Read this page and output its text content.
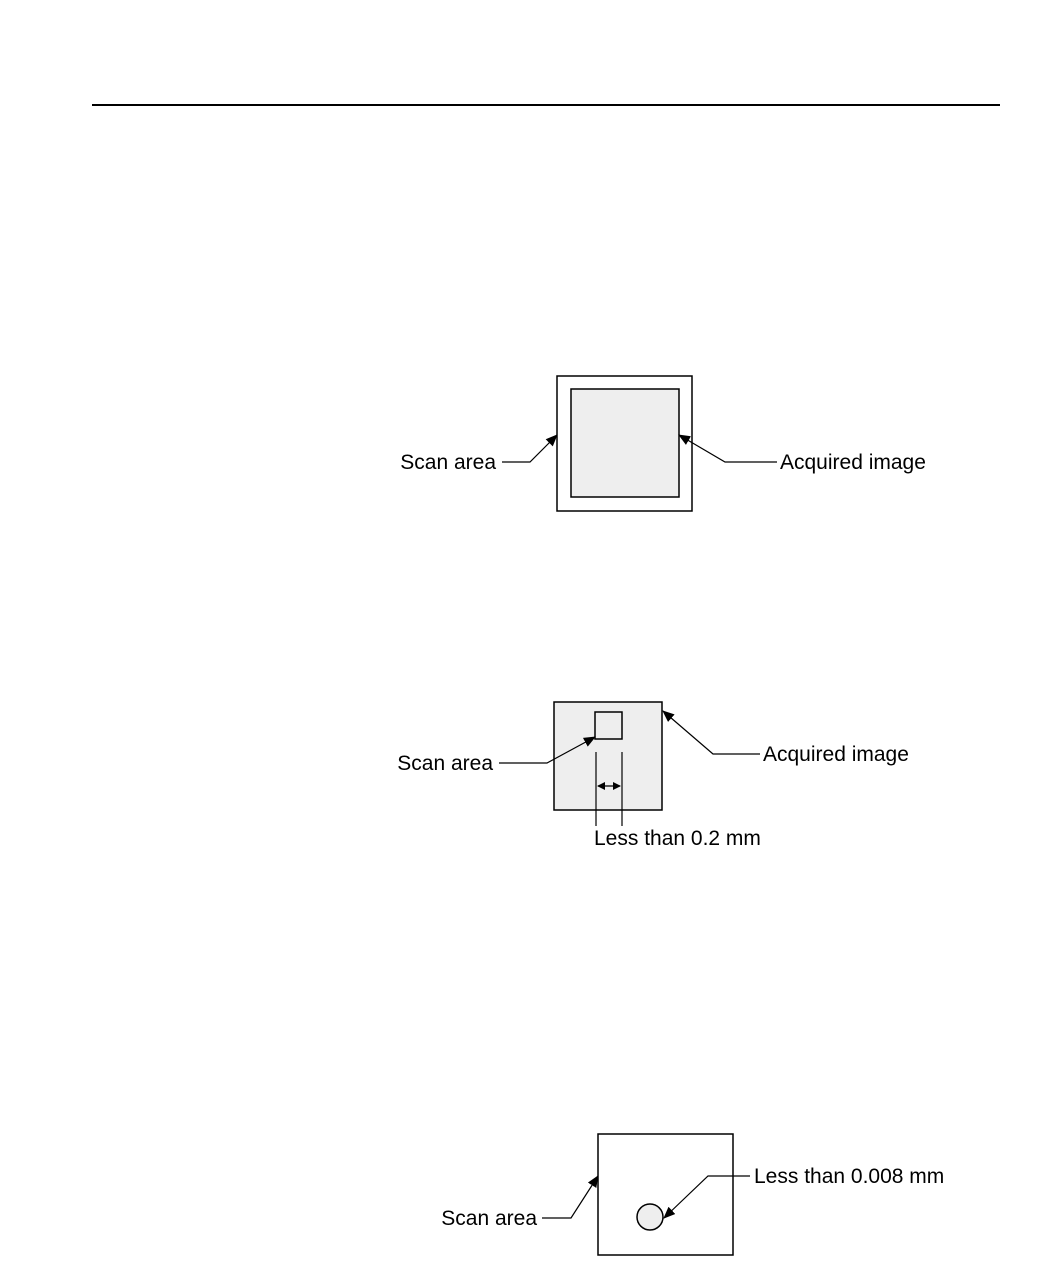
Scan area	Acquired image
Less than 0.2 mm
Scan area	Acquired image
Scan area
Less than 0.008 mm
